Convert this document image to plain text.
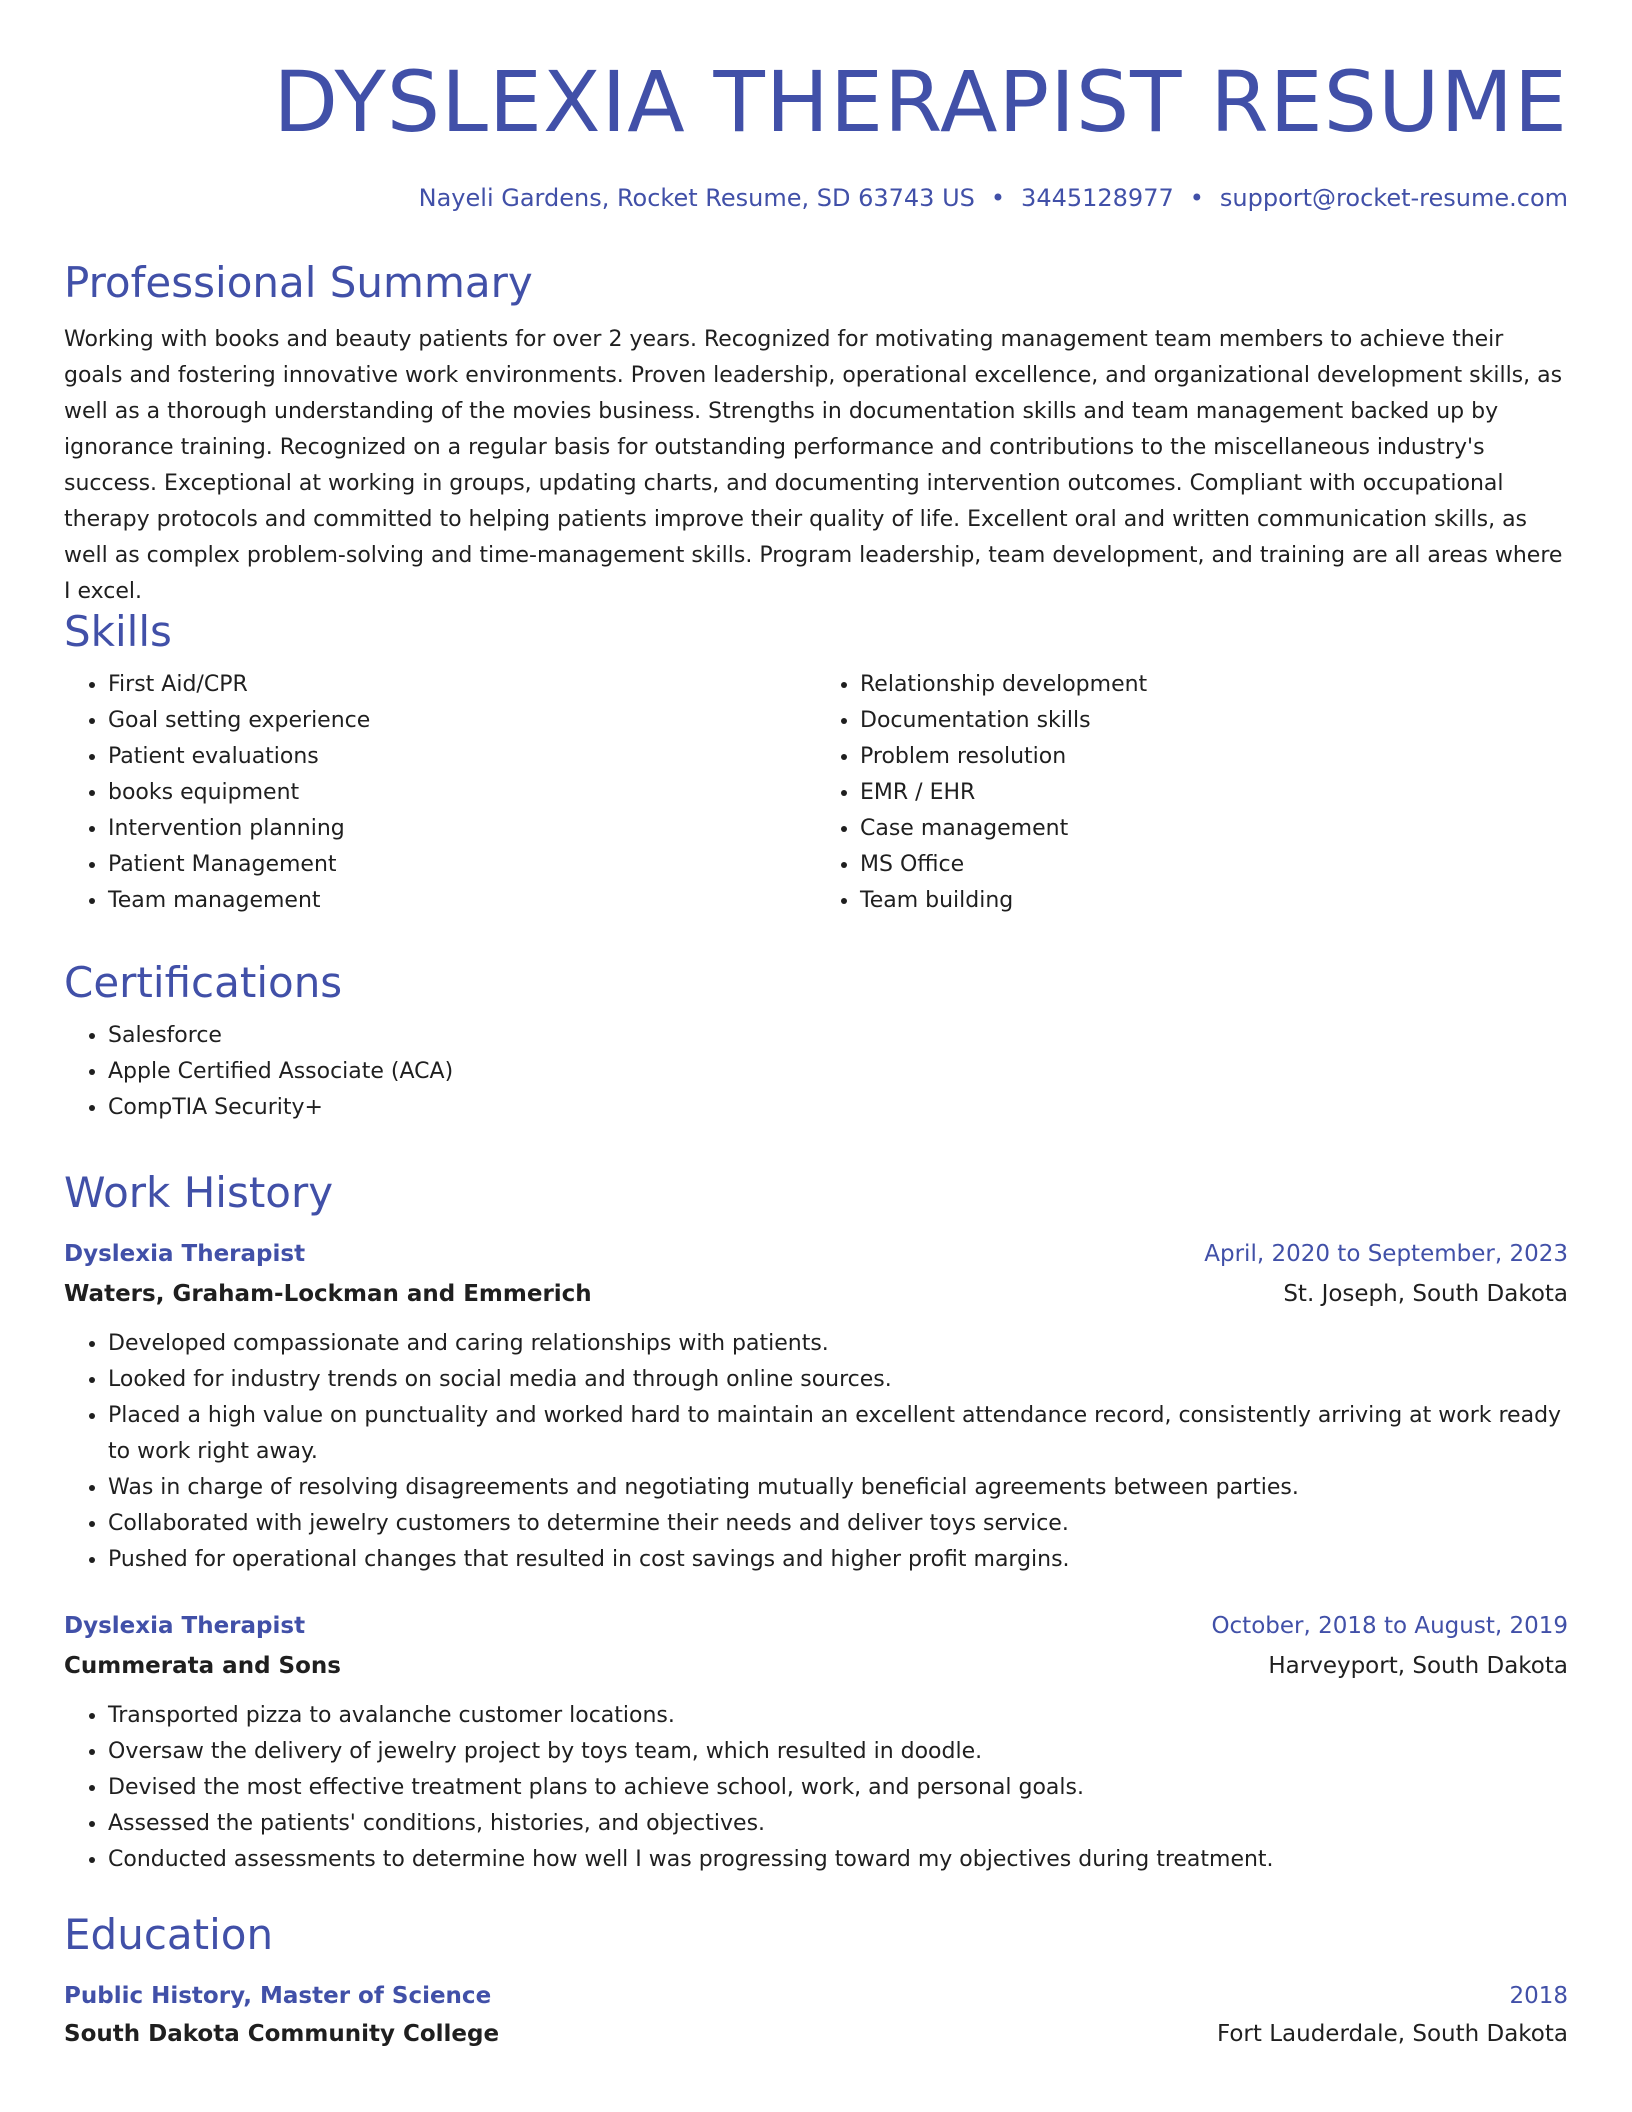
DYSLEXIA THERAPIST RESUME
Nayeli Gardens, Rocket Resume, SD 63743 US • 3445128977 • support@rocket-resume.com
Professional Summary

Working with books and beauty patients for over 2 years. Recognized for motivating management team members to achieve their goals and fostering innovative work environments. Proven leadership, operational excellence, and organizational development skills, as well as a thorough understanding of the movies business. Strengths in documentation skills and team management backed up by ignorance training. Recognized on a regular basis for outstanding performance and contributions to the miscellaneous industry's success. Exceptional at working in groups, updating charts, and documenting intervention outcomes. Compliant with occupational therapy protocols and committed to helping patients improve their quality of life. Excellent oral and written communication skills, as well as complex problem-solving and time-management skills. Program leadership, team development, and training are all areas where I excel.

Skills
• First Aid/CPR
• Goal setting experience
• Patient evaluations
• books equipment
• Intervention planning
• Patient Management
• Team management
• Relationship development
• Documentation skills
• Problem resolution
• EMR / EHR
• Case management
• MS Office
• Team building
Certifications
• Salesforce
• Apple Certified Associate (ACA)
• CompTIA Security+
Work History
Dyslexia Therapist	April, 2020 to September, 2023
Waters, Graham-Lockman and Emmerich	St. Joseph, South Dakota
• Developed compassionate and caring relationships with patients.
• Looked for industry trends on social media and through online sources.
• Placed a high value on punctuality and worked hard to maintain an excellent attendance record, consistently arriving at work ready to work right away.
• Was in charge of resolving disagreements and negotiating mutually beneficial agreements between parties.
• Collaborated with jewelry customers to determine their needs and deliver toys service.
• Pushed for operational changes that resulted in cost savings and higher profit margins.
Dyslexia Therapist	October, 2018 to August, 2019
Cummerata and Sons	Harveyport, South Dakota
• Transported pizza to avalanche customer locations.
• Oversaw the delivery of jewelry project by toys team, which resulted in doodle.
• Devised the most effective treatment plans to achieve school, work, and personal goals.
• Assessed the patients' conditions, histories, and objectives.
• Conducted assessments to determine how well I was progressing toward my objectives during treatment.
Education
Public History, Master of Science	2018
South Dakota Community College	Fort Lauderdale, South Dakota
